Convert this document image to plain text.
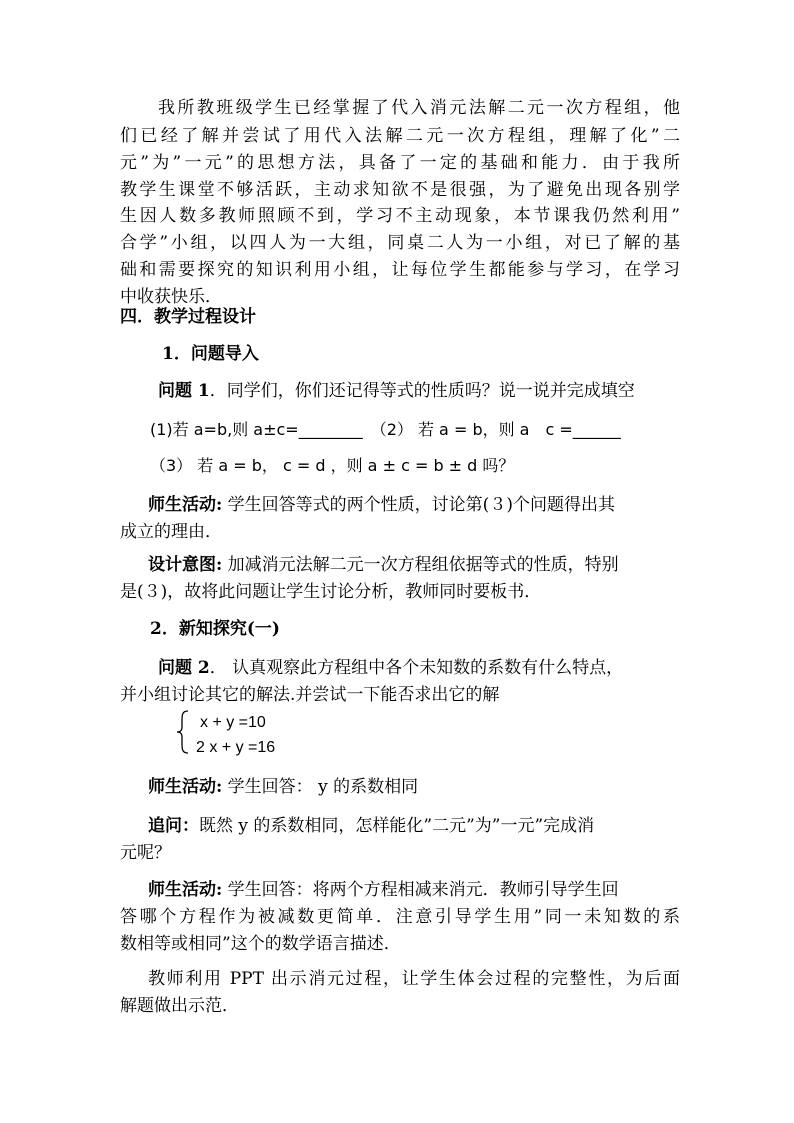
我所教班级学生已经掌握了代入消元法解二元一次方程组，他
们已经了解并尝试了用代入法解二元一次方程组，理解了化”二
元”为”一元”的思想方法，具备了一定的基础和能力．由于我所
教学生课堂不够活跃，主动求知欲不是很强，为了避免出现各别学
生因人数多教师照顾不到，学习不主动现象，本节课我仍然利用”
合学”小组，以四人为一大组，同桌二人为一小组，对已了解的基
础和需要探究的知识利用小组，让每位学生都能参与学习，在学习
中收获快乐．
四．教学过程设计
1．问题导入
问题 1．同学们，你们还记得等式的性质吗？说一说并完成填空
(1)若 a=b,则 a±c=________　（2） 若 a = b，则 a　c =______
（3） 若 a = b， c = d ，则 a ± c = b ± d 吗？
师生活动: 学生回答等式的两个性质，讨论第(３)个问题得出其
成立的理由．
设计意图: 加减消元法解二元一次方程组依据等式的性质，特别
是(３)，故将此问题让学生讨论分析，教师同时要板书．
2．新知探究(一)
问题 2． 认真观察此方程组中各个未知数的系数有什么特点，
并小组讨论其它的解法.并尝试一下能否求出它的解
x + y =10
2 x + y =16
师生活动: 学生回答： y 的系数相同
追问：既然 y 的系数相同，怎样能化”二元”为”一元”完成消
元呢？
师生活动: 学生回答：将两个方程相减来消元．教师引导学生回
答哪个方程作为被减数更简单．注意引导学生用”同一未知数的系
数相等或相同”这个的数学语言描述．
教师利用 PPT 出示消元过程，让学生体会过程的完整性，为后面
解题做出示范．
